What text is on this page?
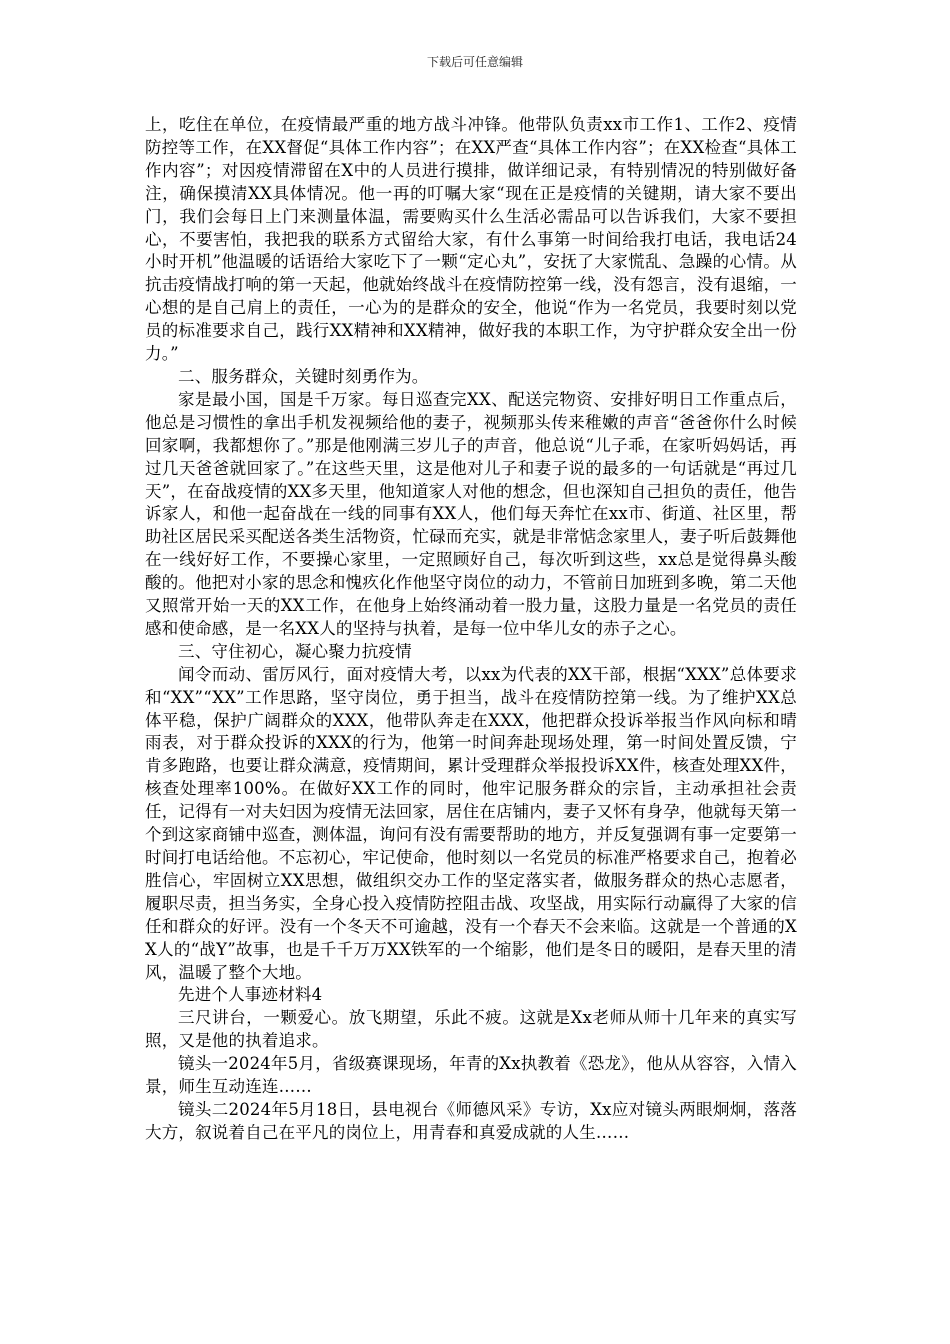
下载后可任意编辑

上，吃住在单位，在疫情最严重的地方战斗冲锋。他带队负责xx市工作1、工作2、疫情防控等工作，在XX督促“具体工作内容”；在XX严查“具体工作内容”；在XX检查“具体工作内容”；对因疫情滞留在X中的人员进行摸排，做详细记录，有特别情况的特别做好备注，确保摸清XX具体情况。他一再的叮嘱大家“现在正是疫情的关键期，请大家不要出门，我们会每日上门来测量体温，需要购买什么生活必需品可以告诉我们，大家不要担心，不要害怕，我把我的联系方式留给大家，有什么事第一时间给我打电话，我电话24小时开机”他温暖的话语给大家吃下了一颗“定心丸”，安抚了大家慌乱、急躁的心情。从抗击疫情战打响的第一天起，他就始终战斗在疫情防控第一线，没有怨言，没有退缩，一心想的是自己肩上的责任，一心为的是群众的安全，他说“作为一名党员，我要时刻以党员的标准要求自己，践行XX精神和XX精神，做好我的本职工作，为守护群众安全出一份力。”

二、服务群众，关键时刻勇作为。

家是最小国，国是千万家。每日巡查完XX、配送完物资、安排好明日工作重点后，他总是习惯性的拿出手机发视频给他的妻子，视频那头传来稚嫩的声音“爸爸你什么时候回家啊，我都想你了。”那是他刚满三岁儿子的声音，他总说“儿子乖，在家听妈妈话，再过几天爸爸就回家了。”在这些天里，这是他对儿子和妻子说的最多的一句话就是“再过几天”，在奋战疫情的XX多天里，他知道家人对他的想念，但也深知自己担负的责任，他告诉家人，和他一起奋战在一线的同事有XX人，他们每天奔忙在xx市、街道、社区里，帮助社区居民采买配送各类生活物资，忙碌而充实，就是非常惦念家里人，妻子听后鼓舞他在一线好好工作，不要操心家里，一定照顾好自己，每次听到这些，xx总是觉得鼻头酸酸的。他把对小家的思念和愧疚化作他坚守岗位的动力，不管前日加班到多晚，第二天他又照常开始一天的XX工作，在他身上始终涌动着一股力量，这股力量是一名党员的责任感和使命感，是一名XX人的坚持与执着，是每一位中华儿女的赤子之心。

三、守住初心，凝心聚力抗疫情

闻令而动、雷厉风行，面对疫情大考，以xx为代表的XX干部，根据“XXX”总体要求和“XX”“XX”工作思路，坚守岗位，勇于担当，战斗在疫情防控第一线。为了维护XX总体平稳，保护广阔群众的XXX，他带队奔走在XXX，他把群众投诉举报当作风向标和晴雨表，对于群众投诉的XXX的行为，他第一时间奔赴现场处理，第一时间处置反馈，宁肯多跑路，也要让群众满意，疫情期间，累计受理群众举报投诉XX件，核查处理XX件，核查处理率100%。在做好XX工作的同时，他牢记服务群众的宗旨，主动承担社会责任，记得有一对夫妇因为疫情无法回家，居住在店铺内，妻子又怀有身孕，他就每天第一个到这家商铺中巡查，测体温，询问有没有需要帮助的地方，并反复强调有事一定要第一时间打电话给他。不忘初心，牢记使命，他时刻以一名党员的标准严格要求自己，抱着必胜信心，牢固树立XX思想，做组织交办工作的坚定落实者，做服务群众的热心志愿者，履职尽责，担当务实，全身心投入疫情防控阻击战、攻坚战，用实际行动赢得了大家的信任和群众的好评。没有一个冬天不可逾越，没有一个春天不会来临。这就是一个普通的XX人的“战Y”故事，也是千千万万XX铁军的一个缩影，他们是冬日的暖阳，是春天里的清风，温暖了整个大地。

先进个人事迹材料4

三尺讲台，一颗爱心。放飞期望，乐此不疲。这就是Xx老师从师十几年来的真实写照，又是他的执着追求。

镜头一2024年5月，省级赛课现场，年青的Xx执教着《恐龙》，他从从容容，入情入景，师生互动连连……

镜头二2024年5月18日，县电视台《师德风采》专访，Xx应对镜头两眼炯炯，落落大方，叙说着自己在平凡的岗位上，用青春和真爱成就的人生……
